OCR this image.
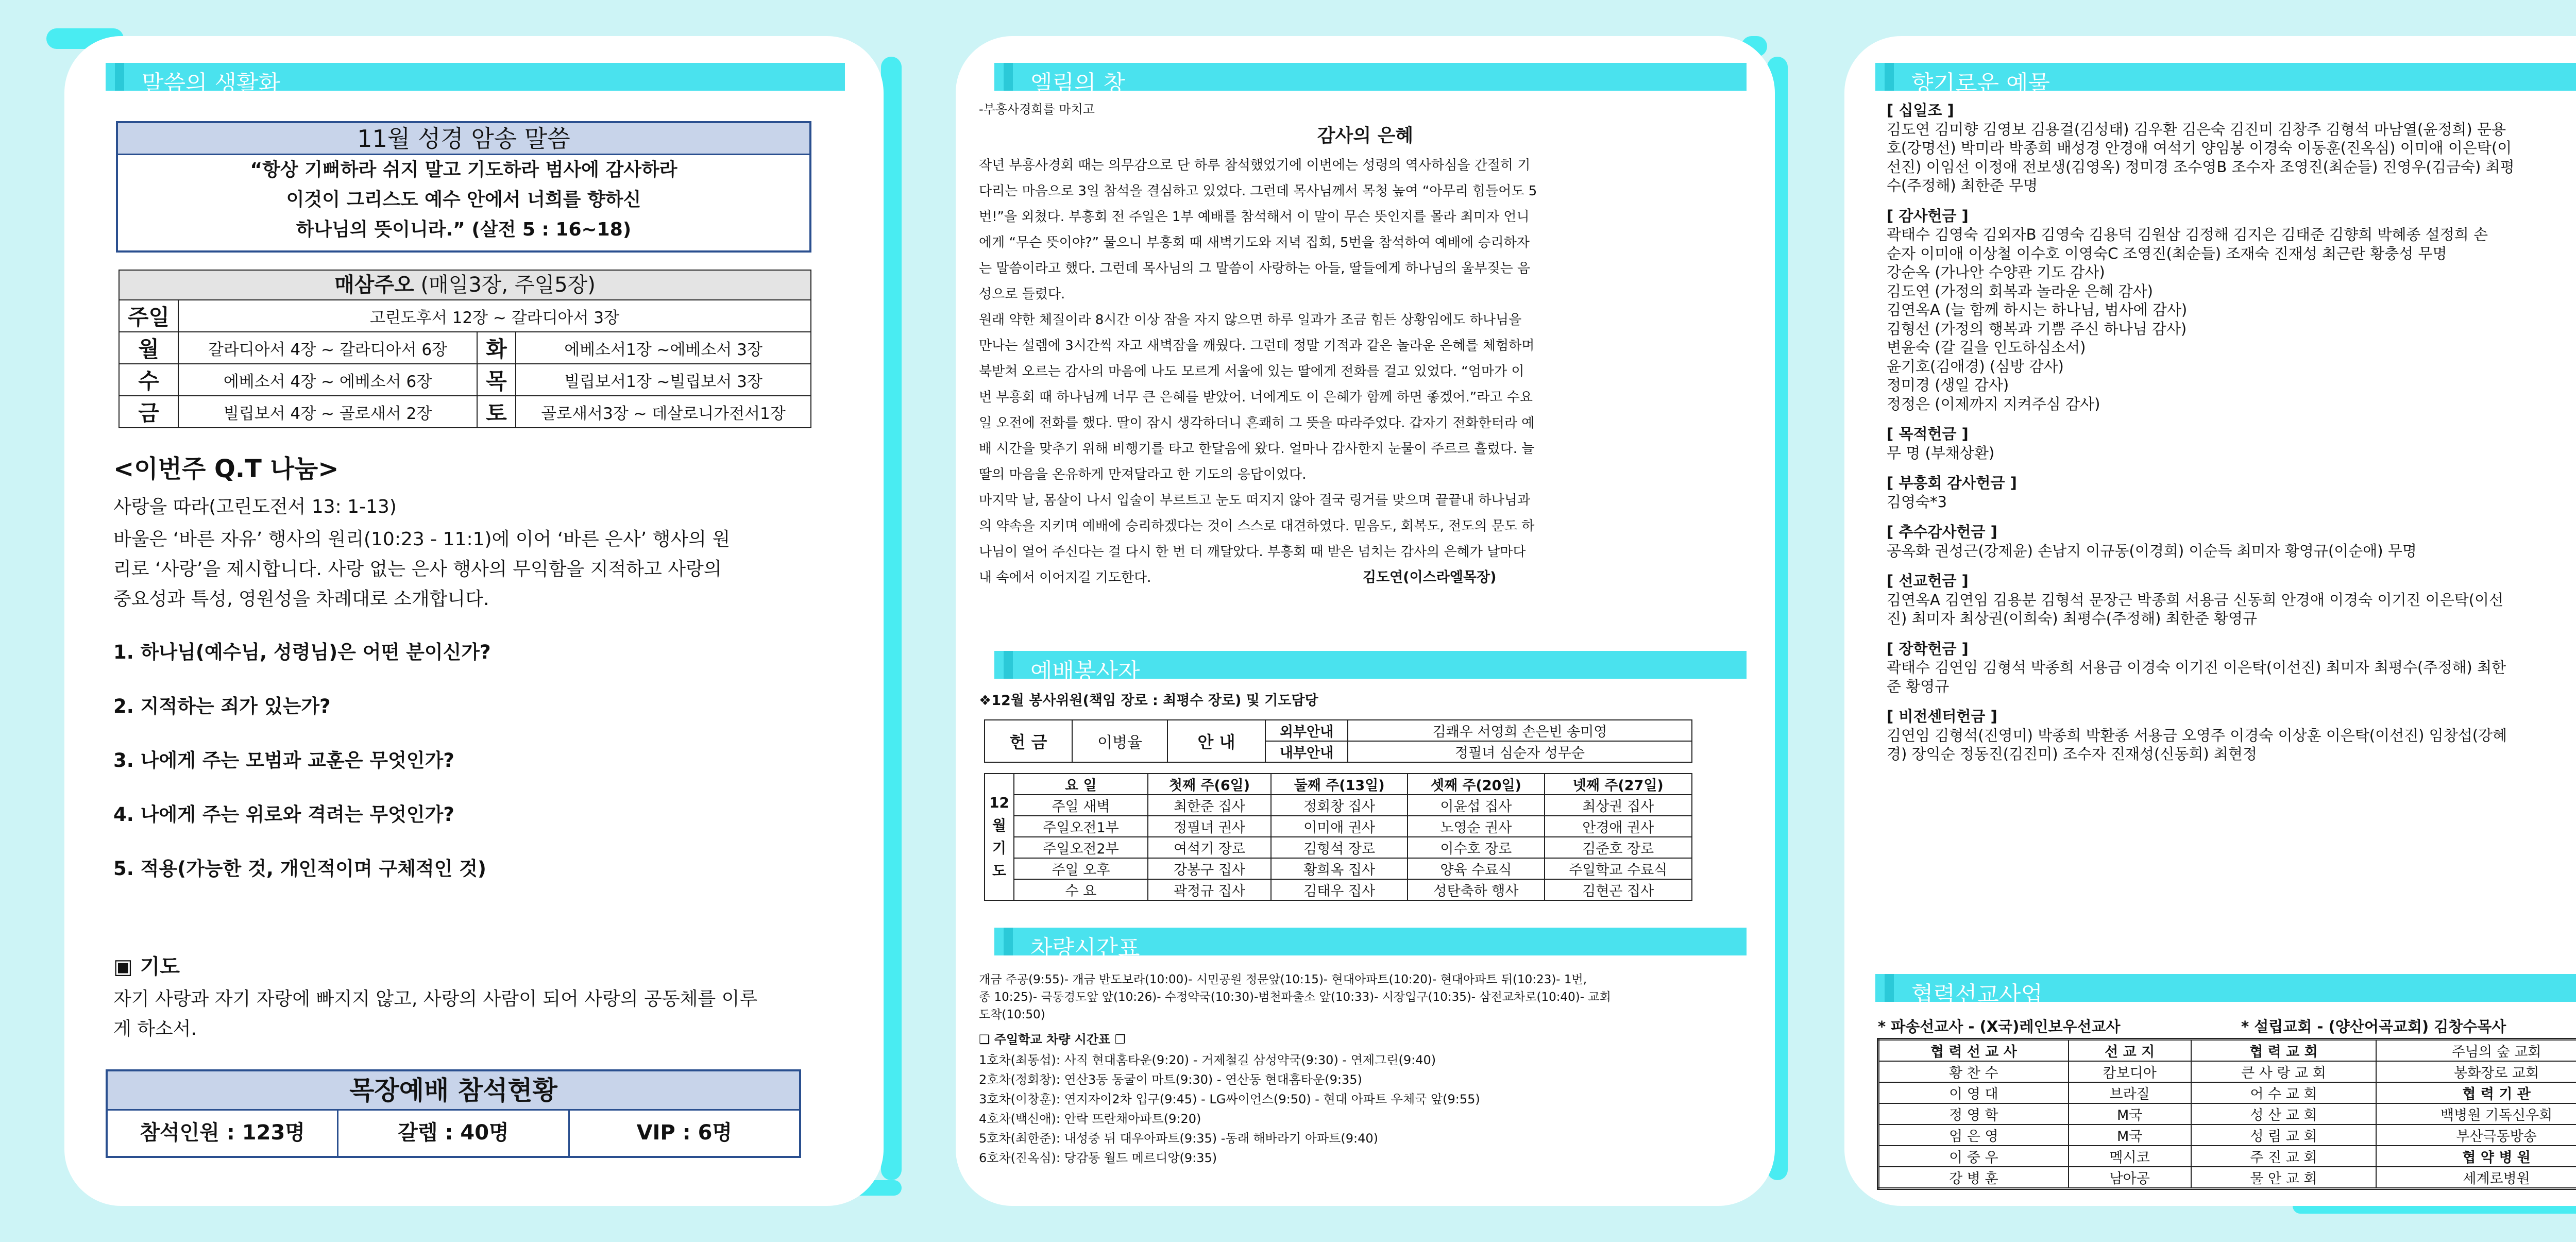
말씀의 생활화
11월 성경 암송 말씀
“항상 기뻐하라 쉬지 말고 기도하라 범사에 감사하라
이것이 그리스도 예수 안에서 너희를 향하신
하나님의 뜻이니라.” (살전 5 : 16~18)
매삼주오 (매일3장, 주일5장)
주일	고린도후서 12장 ~ 갈라디아서 3장		
월	갈라디아서 4장 ~ 갈라디아서 6장	화	에베소서1장 ~에베소서 3장
수	에베소서 4장 ~ 에베소서 6장	목	빌립보서1장 ~빌립보서 3장
금	빌립보서 4장 ~ 골로새서 2장	토	골로새서3장 ~ 데살로니가전서1장
<이번주 Q.T 나눔>
사랑을 따라(고린도전서 13: 1-13)
바울은 ‘바른 자유’ 행사의 원리(10:23 - 11:1)에 이어 ‘바른 은사’ 행사의 원
리로 ‘사랑’을 제시합니다. 사랑 없는 은사 행사의 무익함을 지적하고 사랑의
중요성과 특성, 영원성을 차례대로 소개합니다.
1. 하나님(예수님, 성령님)은 어떤 분이신가?
2. 지적하는 죄가 있는가?
3. 나에게 주는 모범과 교훈은 무엇인가?
4. 나에게 주는 위로와 격려는 무엇인가?
5. 적용(가능한 것, 개인적이며 구체적인 것)
▣ 기도
자기 사랑과 자기 자랑에 빠지지 않고, 사랑의 사람이 되어 사랑의 공동체를 이루
게 하소서.
목장예배 참석현황
참석인원 : 123명	갈렙 : 40명	VIP : 6명
엘림의 창
-부흥사경회를 마치고
감사의 은혜
작년 부흥사경회 때는 의무감으로 단 하루 참석했었기에 이번에는 성령의 역사하심을 간절히 기
다리는 마음으로 3일 참석을 결심하고 있었다. 그런데 목사님께서 목청 높여 “아무리 힘들어도 5
번!”을 외쳤다. 부흥회 전 주일은 1부 예배를 참석해서 이 말이 무슨 뜻인지를 몰라 최미자 언니
에게 “무슨 뜻이야?” 물으니 부흥회 때 새벽기도와 저녁 집회, 5번을 참석하여 예배에 승리하자
는 말씀이라고 했다. 그런데 목사님의 그 말씀이 사랑하는 아들, 딸들에게 하나님의 울부짖는 음
성으로 들렸다.
원래 약한 체질이라 8시간 이상 잠을 자지 않으면 하루 일과가 조금 힘든 상황임에도 하나님을
만나는 설렘에 3시간씩 자고 새벽잠을 깨웠다. 그런데 정말 기적과 같은 놀라운 은혜를 체험하며
북받쳐 오르는 감사의 마음에 나도 모르게 서울에 있는 딸에게 전화를 걸고 있었다. “엄마가 이
번 부흥회 때 하나님께 너무 큰 은혜를 받았어. 너에게도 이 은혜가 함께 하면 좋겠어.”라고 수요
일 오전에 전화를 했다. 딸이 잠시 생각하더니 흔쾌히 그 뜻을 따라주었다. 갑자기 전화한터라 예
배 시간을 맞추기 위해 비행기를 타고 한달음에 왔다. 얼마나 감사한지 눈물이 주르르 흘렀다. 늘
딸의 마음을 온유하게 만져달라고 한 기도의 응답이었다.
마지막 날, 몸살이 나서 입술이 부르트고 눈도 떠지지 않아 결국 링거를 맞으며 끝끝내 하나님과
의 약속을 지키며 예배에 승리하겠다는 것이 스스로 대견하였다. 믿음도, 회복도, 전도의 문도 하
나님이 열어 주신다는 걸 다시 한 번 더 깨달았다. 부흥회 때 받은 넘치는 감사의 은혜가 날마다
내 속에서 이어지길 기도한다.	김도연(이스라엘목장)
예배봉사자
❖12월 봉사위원(책임 장로 : 최평수 장로) 및 기도담당
헌 금	이병율	안 내	외부안내	김쾌우 서영희 손은빈 송미영
			내부안내	정필녀 심순자 성무순
12월기도	요 일	첫째 주(6일)	둘째 주(13일)	셋째 주(20일)	넷째 주(27일)
	주일 새벽	최한준 집사	정회창 집사	이윤섭 집사	최상권 집사
	주일오전1부	정필녀 권사	이미애 권사	노영순 권사	안경애 권사
	주일오전2부	여석기 장로	김형석 장로	이수호 장로	김준호 장로
	주일 오후	강봉구 집사	황희옥 집사	양육 수료식	주일학교 수료식
	수 요	곽정규 집사	김태우 집사	성탄축하 행사	김현곤 집사
차량시간표
개금 주공(9:55)- 개금 반도보라(10:00)- 시민공원 정문앞(10:15)- 현대아파트(10:20)- 현대아파트 뒤(10:23)- 1번,
종 10:25)- 극동경도앞 앞(10:26)- 수정약국(10:30)-범천파출소 앞(10:33)- 시장입구(10:35)- 삼전교차로(10:40)- 교회
도착(10:50)
❏ 주일학교 차량 시간표 ❐
1호차(최동섭): 사직 현대홈타운(9:20) - 거제철길 삼성약국(9:30) - 연제그린(9:40)
2호차(정회창): 연산3동 동굴이 마트(9:30) - 연산동 현대홈타운(9:35)
3호차(이창훈): 연지자이2차 입구(9:45) - LG싸이언스(9:50) - 현대 아파트 우체국 앞(9:55)
4호차(백신애): 안락 뜨란채아파트(9:20)
5호차(최한준): 내성중 뒤 대우아파트(9:35) -동래 해바라기 아파트(9:40)
6호차(진옥심): 당감동 월드 메르디앙(9:35)
향기로운 예물
[ 십일조 ]
김도연 김미향 김영보 김용걸(김성태) 김우환 김은숙 김진미 김창주 김형석 마남열(윤정희) 문용
호(강명선) 박미라 박종희 배성경 안경애 여석기 양임봉 이경숙 이동훈(진옥심) 이미애 이은탁(이
선진) 이임선 이정애 전보생(김영옥) 정미경 조수영B 조수자 조영진(최순들) 진영우(김금숙) 최평
수(주정해) 최한준 무명
[ 감사헌금 ]
곽태수 김영숙 김외자B 김영숙 김용덕 김원삼 김정해 김지은 김태준 김향희 박혜종 설정희 손
순자 이미애 이상철 이수호 이영숙C 조영진(최순들) 조재숙 진재성 최근란 황충성 무명
강순옥 (가나안 수양관 기도 감사)
김도연 (가정의 회복과 놀라운 은혜 감사)
김연옥A (늘 함께 하시는 하나님, 범사에 감사)
김형선 (가정의 행복과 기쁨 주신 하나님 감사)
변윤숙 (갈 길을 인도하심소서)
윤기호(김애경) (심방 감사)
정미경 (생일 감사)
정정은 (이제까지 지켜주심 감사)
[ 목적헌금 ]
무 명 (부채상환)
[ 부흥회 감사헌금 ]
김영숙*3
[ 추수감사헌금 ]
공옥화 권성근(강제윤) 손남지 이규동(이경희) 이순득 최미자 황영규(이순애) 무명
[ 선교헌금 ]
김연옥A 김연임 김용분 김형석 문장근 박종희 서용금 신동희 안경애 이경숙 이기진 이은탁(이선
진) 최미자 최상권(이희숙) 최평수(주정해) 최한준 황영규
[ 장학헌금 ]
곽태수 김연임 김형석 박종희 서용금 이경숙 이기진 이은탁(이선진) 최미자 최평수(주정해) 최한
준 황영규
[ 비전센터헌금 ]
김연임 김형석(진영미) 박종희 박환종 서용금 오영주 이경숙 이상훈 이은탁(이선진) 임창섭(강혜
경) 장익순 정동진(김진미) 조수자 진재성(신동희) 최현정
협력선교사업
* 파송선교사 - (X국)레인보우선교사	* 설립교회 - (양산어곡교회) 김창수목사
협 력 선 교 사	선 교 지	협 력 교 회	주님의 숲 교회
황 찬 수	캄보디아	큰 사 랑 교 회	봉화장로 교회
이 영 대	브라질	어 수 교 회	협 력 기 관
정 영 학	M국	성 산 교 회	백병원 기독신우회
엄 은 영	M국	성 림 교 회	부산극동방송
이 중 우	멕시코	주 진 교 회	협 약 병 원
강 병 훈	남아공	물 안 교 회	세계로병원
